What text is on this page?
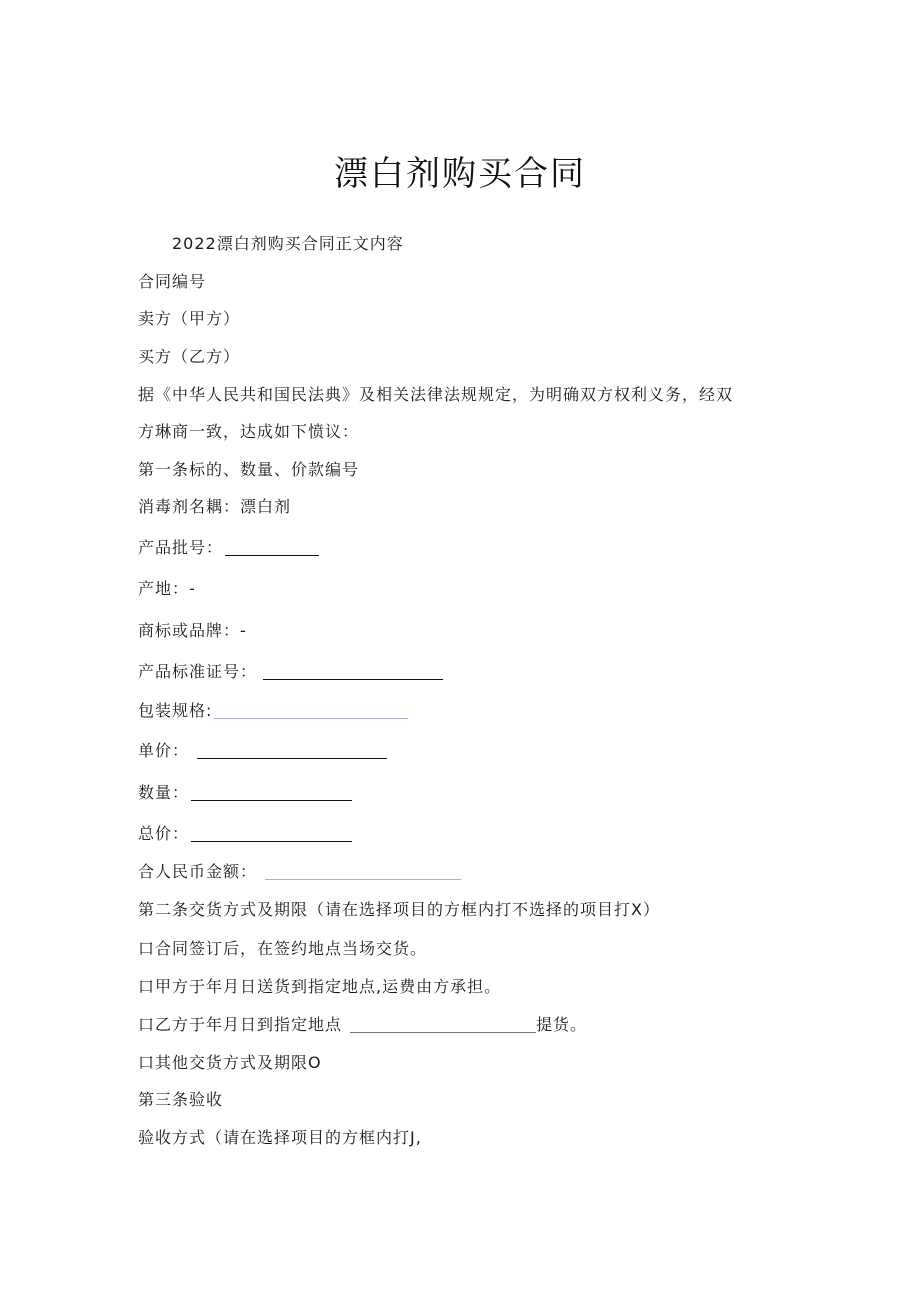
漂白剂购买合同
2022漂白剂购买合同正文内容
合同编号
卖方（甲方）
买方（乙方）
据《中华人民共和国民法典》及相关法律法规规定，为明确双方权利义务，经双
方琳商一致，达成如下愤议：
第一条标的、数量、价款编号
消毒剂名耦：漂白剂
产品批号：
产地：-
商标或品牌：-
产品标准证号：
包装规格:
单价：
数量：
总价：
合人民币金额：
第二条交货方式及期限（请在选择项目的方框内打不选择的项目打X）
口合同签订后，在签约地点当场交货。
口甲方于年月日送货到指定地点,运费由方承担。
口乙方于年月日到指定地点	提货。
口其他交货方式及期限O
第三条验收
验收方式（请在选择项目的方框内打J,
